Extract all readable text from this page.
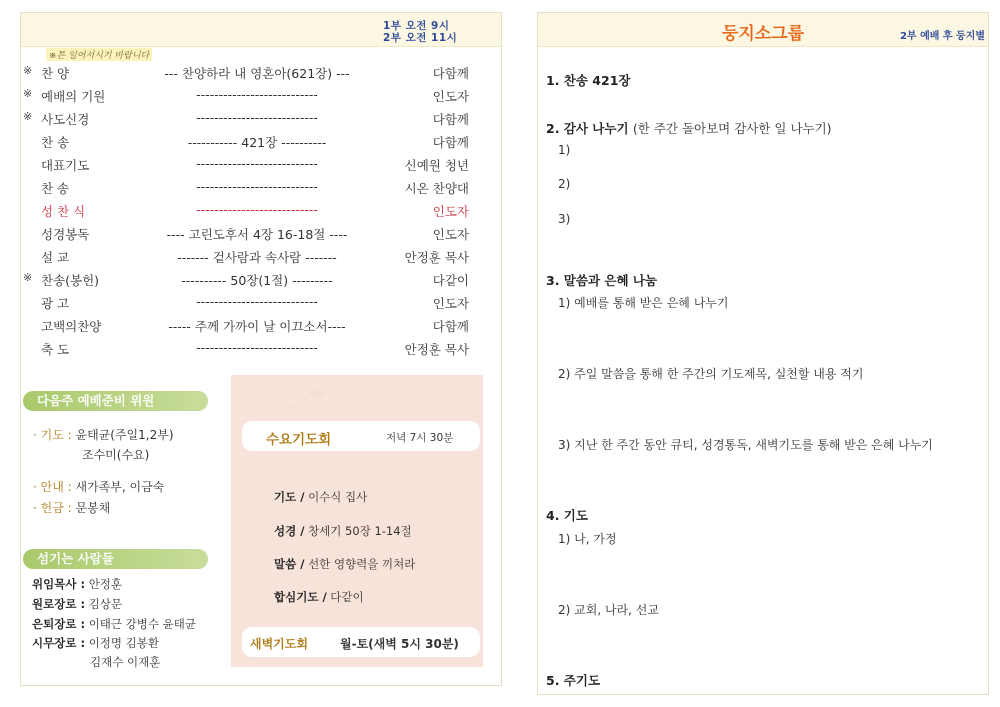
1부 오전 9시
2부 오전 11시
※튼 일어서시기 바랍니다
※ 찬 양	--- 찬양하라 내 영혼아(621장) ---	다함께
※ 예배의 기원	---------------------------	인도자
※ 사도신경	---------------------------	다함께
찬 송	----------- 421장 ----------	다함께
대표기도	---------------------------	신예원 청년
찬 송	---------------------------	시온 찬양대
성 찬 식	---------------------------	인도자
성경봉독	---- 고린도후서 4장 16-18절 ----	인도자
설 교	------- 겉사람과 속사람 -------	안정훈 목사
※ 찬송(봉헌)	---------- 50장(1절) ---------	다같이
광 고	---------------------------	인도자
고백의찬양	----- 주께 가까이 날 이끄소서----	다함께
축 도	---------------------------	안정훈 목사
다음주 예배준비 위원
· 기도 : 윤태균(주일1,2부)
조수미(수요)
· 안내 : 새가족부, 이금숙
· 헌금 : 문봉채
섬기는 사람들
위임목사 : 안정훈
원로장로 : 김상문
은퇴장로 : 이태근 강병수 윤태균
시무장로 : 이정명 김봉환
김재수 이재훈
〰
〰
수요기도회	저녁 7시 30분
기도 / 이수식 집사
성경 / 창세기 50장 1-14절
말씀 / 선한 영향력을 끼쳐라
합심기도 / 다같이
새벽기도회	월-토(새벽 5시 30분)
둥지소그룹	2부 예배 후 둥지별
1. 찬송 421장
2. 감사 나누기 (한 주간 돌아보며 감사한 일 나누기)
1)
2)
3)
3. 말씀과 은혜 나눔
1) 예배를 통해 받은 은혜 나누기
2) 주일 말씀을 통해 한 주간의 기도제목, 실천할 내용 적기
3) 지난 한 주간 동안 큐티, 성경통독, 새벽기도를 통해 받은 은혜 나누기
4. 기도
1) 나, 가정
2) 교회, 나라, 선교
5. 주기도
